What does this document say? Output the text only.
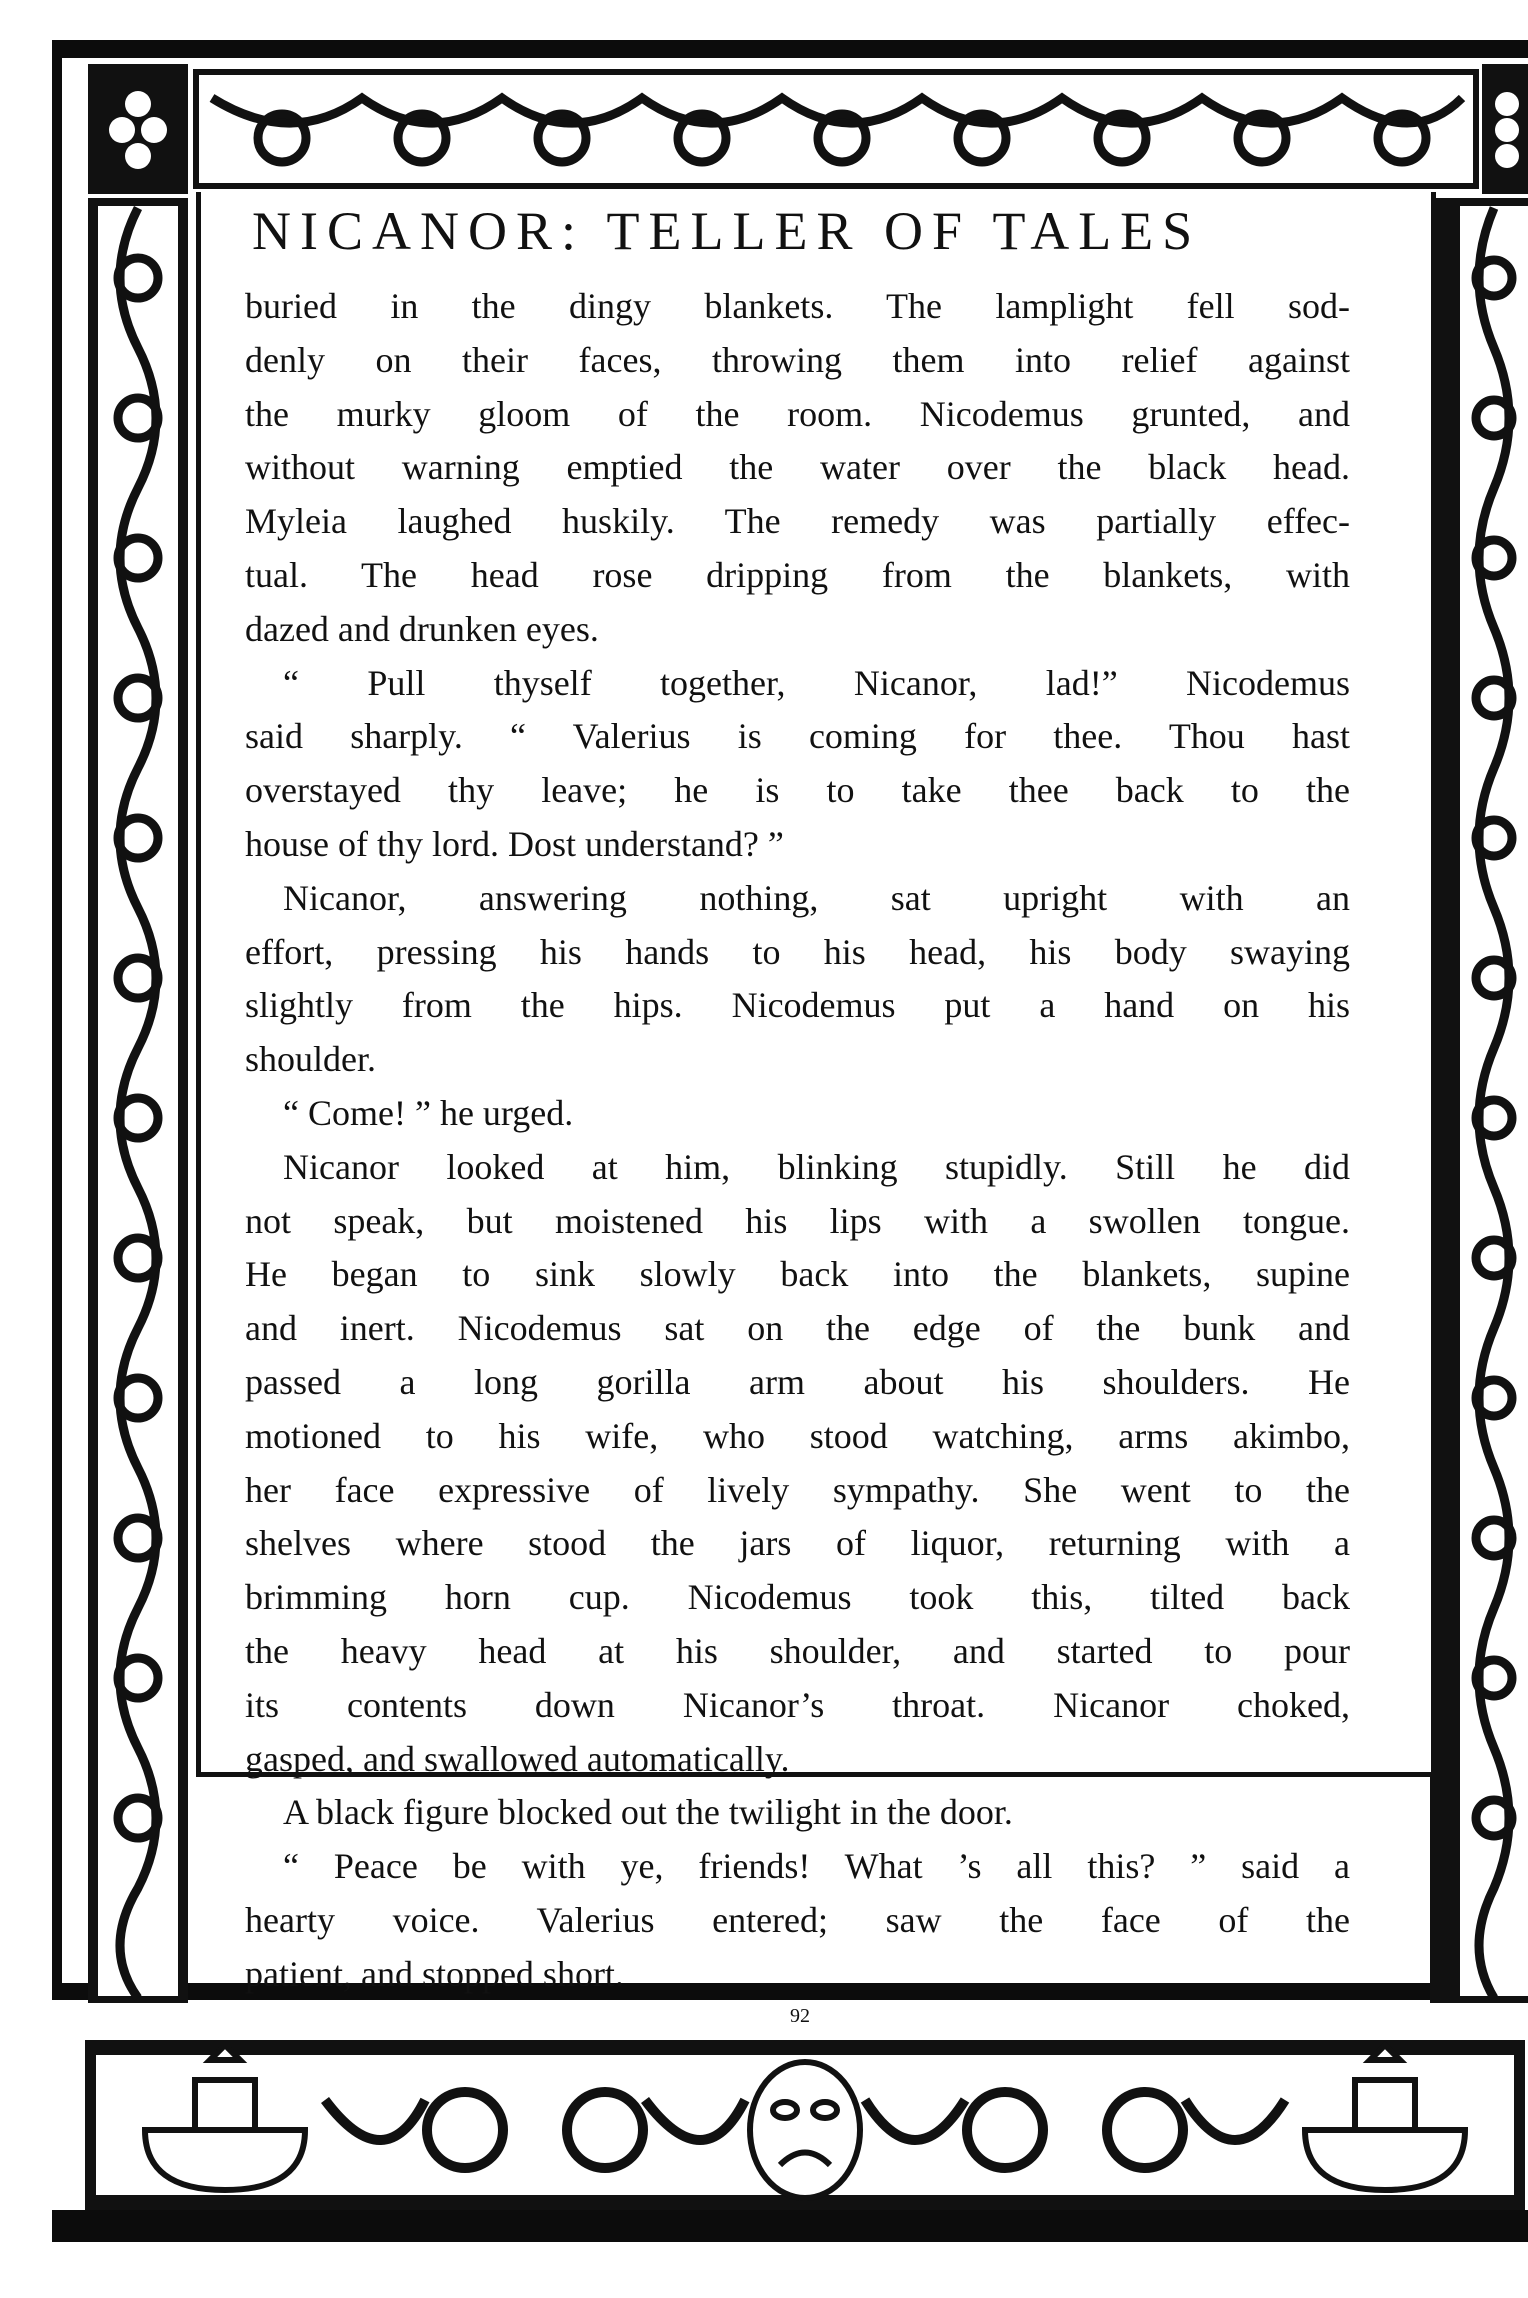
NICANOR: TELLER OF TALES
buried in the dingy blankets. The lamplight fell sod-
denly on their faces, throwing them into relief against
the murky gloom of the room. Nicodemus grunted, and
without warning emptied the water over the black head.
Myleia laughed huskily. The remedy was partially effec-
tual. The head rose dripping from the blankets, with
dazed and drunken eyes.
“ Pull thyself together, Nicanor, lad!” Nicodemus
said sharply. “ Valerius is coming for thee. Thou hast
overstayed thy leave; he is to take thee back to the
house of thy lord. Dost understand? ”
Nicanor, answering nothing, sat upright with an
effort, pressing his hands to his head, his body swaying
slightly from the hips. Nicodemus put a hand on his
shoulder.
“ Come! ” he urged.
Nicanor looked at him, blinking stupidly. Still he did
not speak, but moistened his lips with a swollen tongue.
He began to sink slowly back into the blankets, supine
and inert. Nicodemus sat on the edge of the bunk and
passed a long gorilla arm about his shoulders. He
motioned to his wife, who stood watching, arms akimbo,
her face expressive of lively sympathy. She went to the
shelves where stood the jars of liquor, returning with a
brimming horn cup. Nicodemus took this, tilted back
the heavy head at his shoulder, and started to pour
its contents down Nicanor’s throat. Nicanor choked,
gasped, and swallowed automatically.
A black figure blocked out the twilight in the door.
“ Peace be with ye, friends! What ’s all this? ” said a
hearty voice. Valerius entered; saw the face of the
patient, and stopped short.
92
